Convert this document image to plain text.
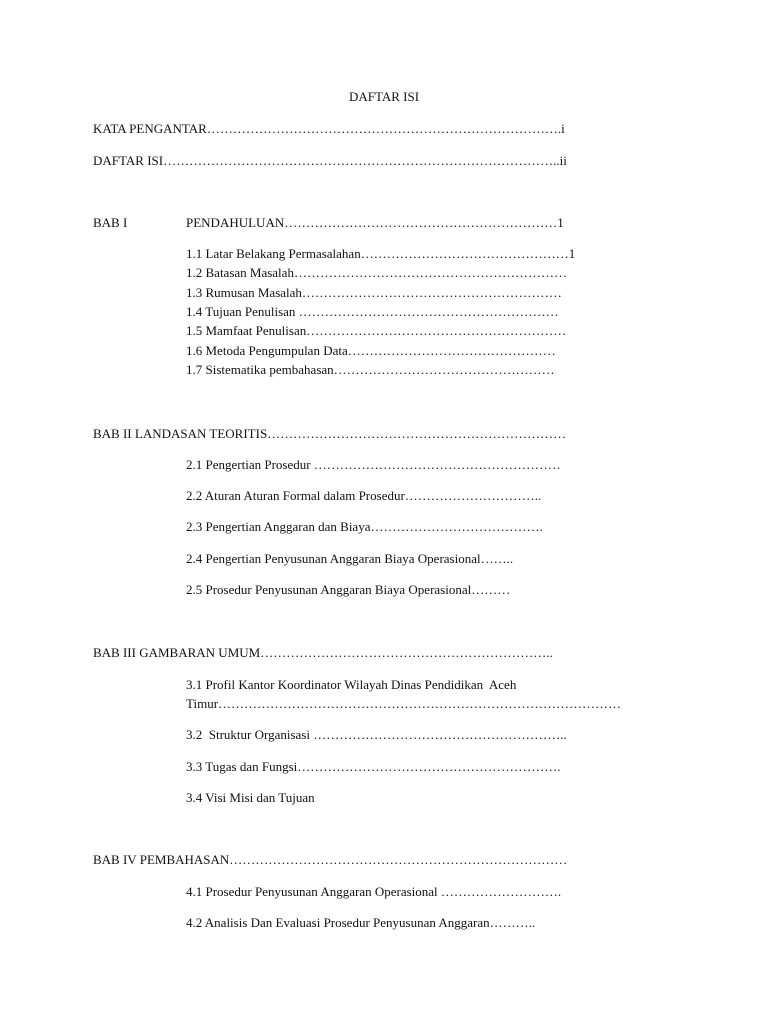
DAFTAR ISI
KATA PENGANTAR……………………………………………………………………….i
DAFTAR ISI………………………………………………………………………………..ii
BAB I	PENDAHULUAN………………………………………………………1
1.1 Latar Belakang Permasalahan…………………………………………1
1.2 Batasan Masalah………………………………………………………
1.3 Rumusan Masalah……………………………………………………
1.4 Tujuan Penulisan ……………………………………………………
1.5 Mamfaat Penulisan……………………………………………………
1.6 Metoda Pengumpulan Data…………………………………………
1.7 Sistematika pembahasan……………………………………………
BAB II LANDASAN TEORITIS……………………………………………………………
2.1 Pengertian Prosedur …………………………………………………
2.2 Aturan Aturan Formal dalam Prosedur…………………………..
2.3 Pengertian Anggaran dan Biaya………………………………….
2.4 Pengertian Penyusunan Anggaran Biaya Operasional……..
2.5 Prosedur Penyusunan Anggaran Biaya Operasional………
BAB III GAMBARAN UMUM…………………………………………………………..
3.1 Profil Kantor Koordinator Wilayah Dinas Pendidikan  Aceh
Timur…………………………………………………………………………………
3.2  Struktur Organisasi …………………………………………………..
3.3 Tugas dan Fungsi…………………………………………………….
3.4 Visi Misi dan Tujuan
BAB IV PEMBAHASAN……………………………………………………………………
4.1 Prosedur Penyusunan Anggaran Operasional ……………………….
4.2 Analisis Dan Evaluasi Prosedur Penyusunan Anggaran………..
